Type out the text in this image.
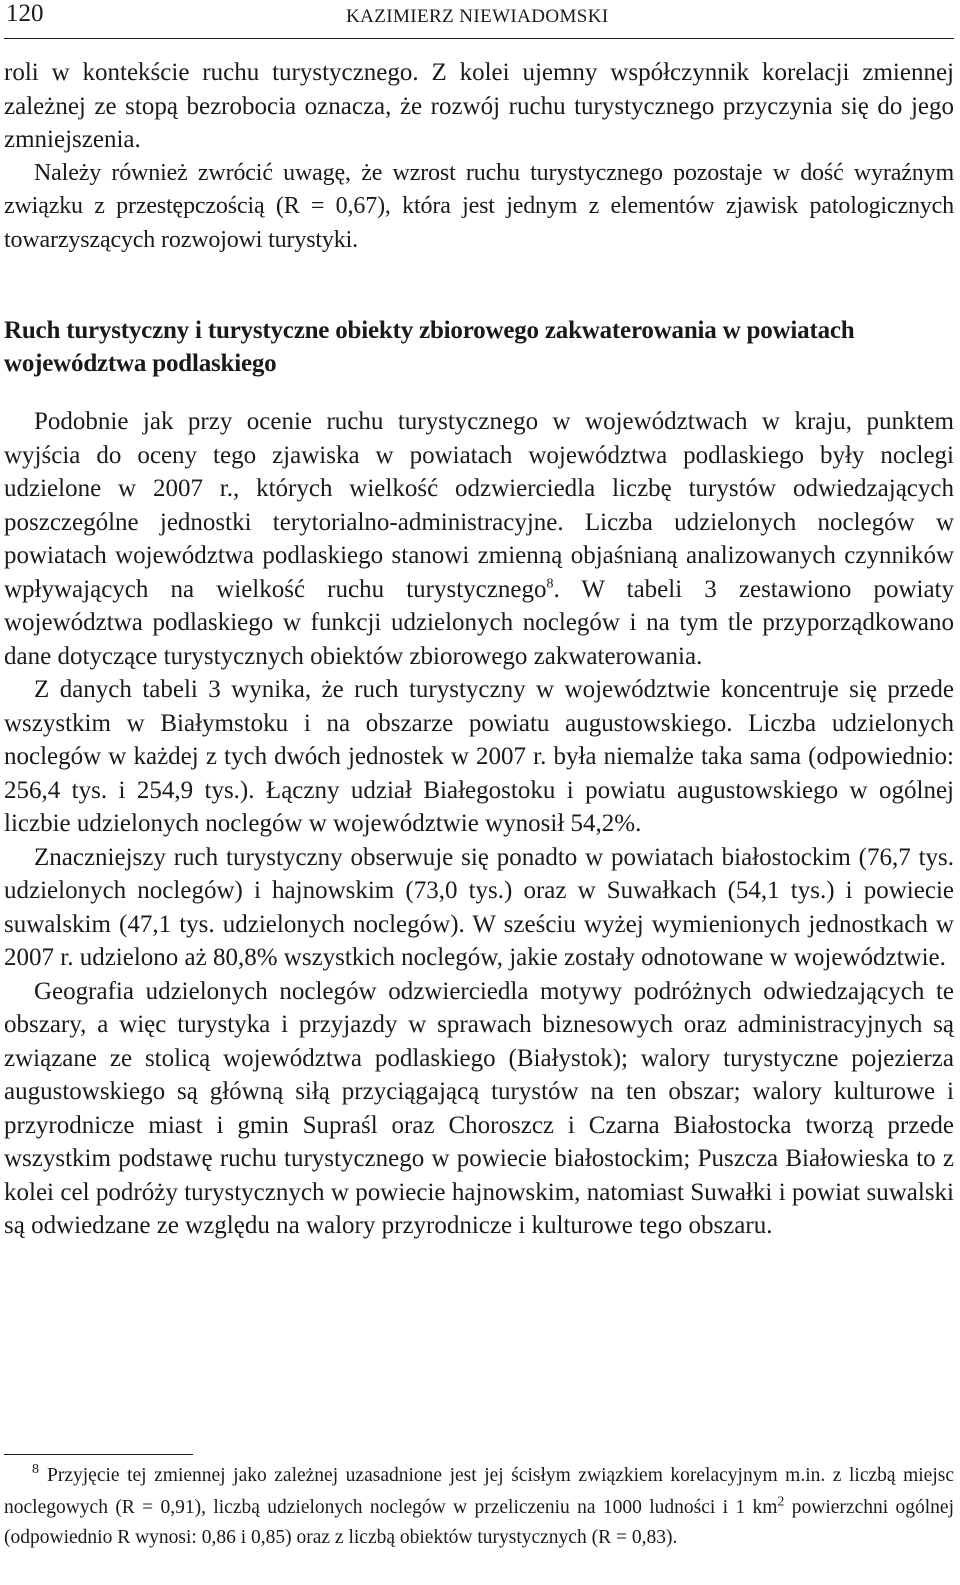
120	KAZIMIERZ NIEWIADOMSKI

roli w kontekście ruchu turystycznego. Z kolei ujemny współczynnik korelacji zmiennej zależnej ze stopą bezrobocia oznacza, że rozwój ruchu turystycznego przyczynia się do jego zmniejszenia.

Należy również zwrócić uwagę, że wzrost ruchu turystycznego pozostaje w dość wyraźnym związku z przestępczością (R = 0,67), która jest jednym z elementów zjawisk patologicznych towarzyszących rozwojowi turystyki.

Ruch turystyczny i turystyczne obiekty zbiorowego zakwaterowania w powiatach województwa podlaskiego

Podobnie jak przy ocenie ruchu turystycznego w województwach w kraju, punktem wyjścia do oceny tego zjawiska w powiatach województwa podlaskiego były noclegi udzielone w 2007 r., których wielkość odzwierciedla liczbę turystów odwiedzających poszczególne jednostki terytorialno-administracyjne. Liczba udzielonych noclegów w powiatach województwa podlaskiego stanowi zmienną objaśnianą analizowanych czynników wpływających na wielkość ruchu turystycznego$^8$. W tabeli 3 zestawiono powiaty województwa podlaskiego w funkcji udzielonych noclegów i na tym tle przyporządkowano dane dotyczące turystycznych obiektów zbiorowego zakwaterowania.

Z danych tabeli 3 wynika, że ruch turystyczny w województwie koncentruje się przede wszystkim w Białymstoku i na obszarze powiatu augustowskiego. Liczba udzielonych noclegów w każdej z tych dwóch jednostek w 2007 r. była niemalże taka sama (odpowiednio: 256,4 tys. i 254,9 tys.). Łączny udział Białegostoku i powiatu augustowskiego w ogólnej liczbie udzielonych noclegów w województwie wynosił 54,2%.

Znaczniejszy ruch turystyczny obserwuje się ponadto w powiatach białostockim (76,7 tys. udzielonych noclegów) i hajnowskim (73,0 tys.) oraz w Suwałkach (54,1 tys.) i powiecie suwalskim (47,1 tys. udzielonych noclegów). W sześciu wyżej wymienionych jednostkach w 2007 r. udzielono aż 80,8% wszystkich noclegów, jakie zostały odnotowane w województwie.

Geografia udzielonych noclegów odzwierciedla motywy podróżnych odwiedzających te obszary, a więc turystyka i przyjazdy w sprawach biznesowych oraz administracyjnych są związane ze stolicą województwa podlaskiego (Białystok); walory turystyczne pojezierza augustowskiego są główną siłą przyciągającą turystów na ten obszar; walory kulturowe i przyrodnicze miast i gmin Supraśl oraz Choroszcz i Czarna Białostocka tworzą przede wszystkim podstawę ruchu turystycznego w powiecie białostockim; Puszcza Białowieska to z kolei cel podróży turystycznych w powiecie hajnowskim, natomiast Suwałki i powiat suwalski są odwiedzane ze względu na walory przyrodnicze i kulturowe tego obszaru.

$^8$ Przyjęcie tej zmiennej jako zależnej uzasadnione jest jej ścisłym związkiem korelacyjnym m.in. z liczbą miejsc noclegowych (R = 0,91), liczbą udzielonych noclegów w przeliczeniu na 1000 ludności i 1 $km^2$ powierzchni ogólnej (odpowiednio R wynosi: 0,86 i 0,85) oraz z liczbą obiektów turystycznych (R = 0,83).
